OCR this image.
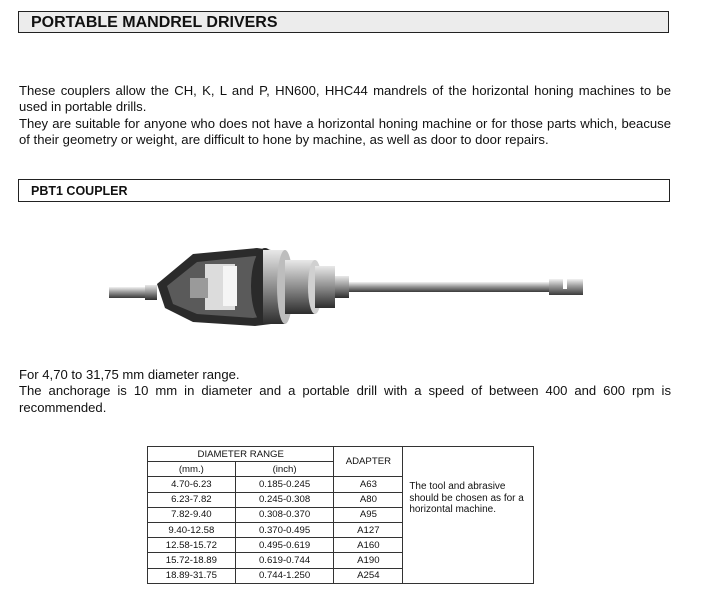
PORTABLE MANDREL DRIVERS

These couplers allow the CH, K, L and P, HN600, HHC44 mandrels of the horizontal honing machines to be used in portable drills.

They are suitable for anyone who does not have a horizontal honing machine or for those parts which, beacuse of their geometry or weight, are difficult to hone by machine, as well as door to door repairs.

PBT1 COUPLER

For 4,70 to 31,75 mm diameter range.

The anchorage is 10 mm in diameter and a portable drill with a speed of between 400 and 600 rpm is

recommended.

DIAMETER RANGE		ADAPTER	The tool and abrasive should be chosen as for a horizontal machine.
(mm.)	(inch)		
4.70-6.23	0.185-0.245	A63	
6.23-7.82	0.245-0.308	A80	
7.82-9.40	0.308-0.370	A95	
9.40-12.58	0.370-0.495	A127	
12.58-15.72	0.495-0.619	A160	
15.72-18.89	0.619-0.744	A190	
18.89-31.75	0.744-1.250	A254	
